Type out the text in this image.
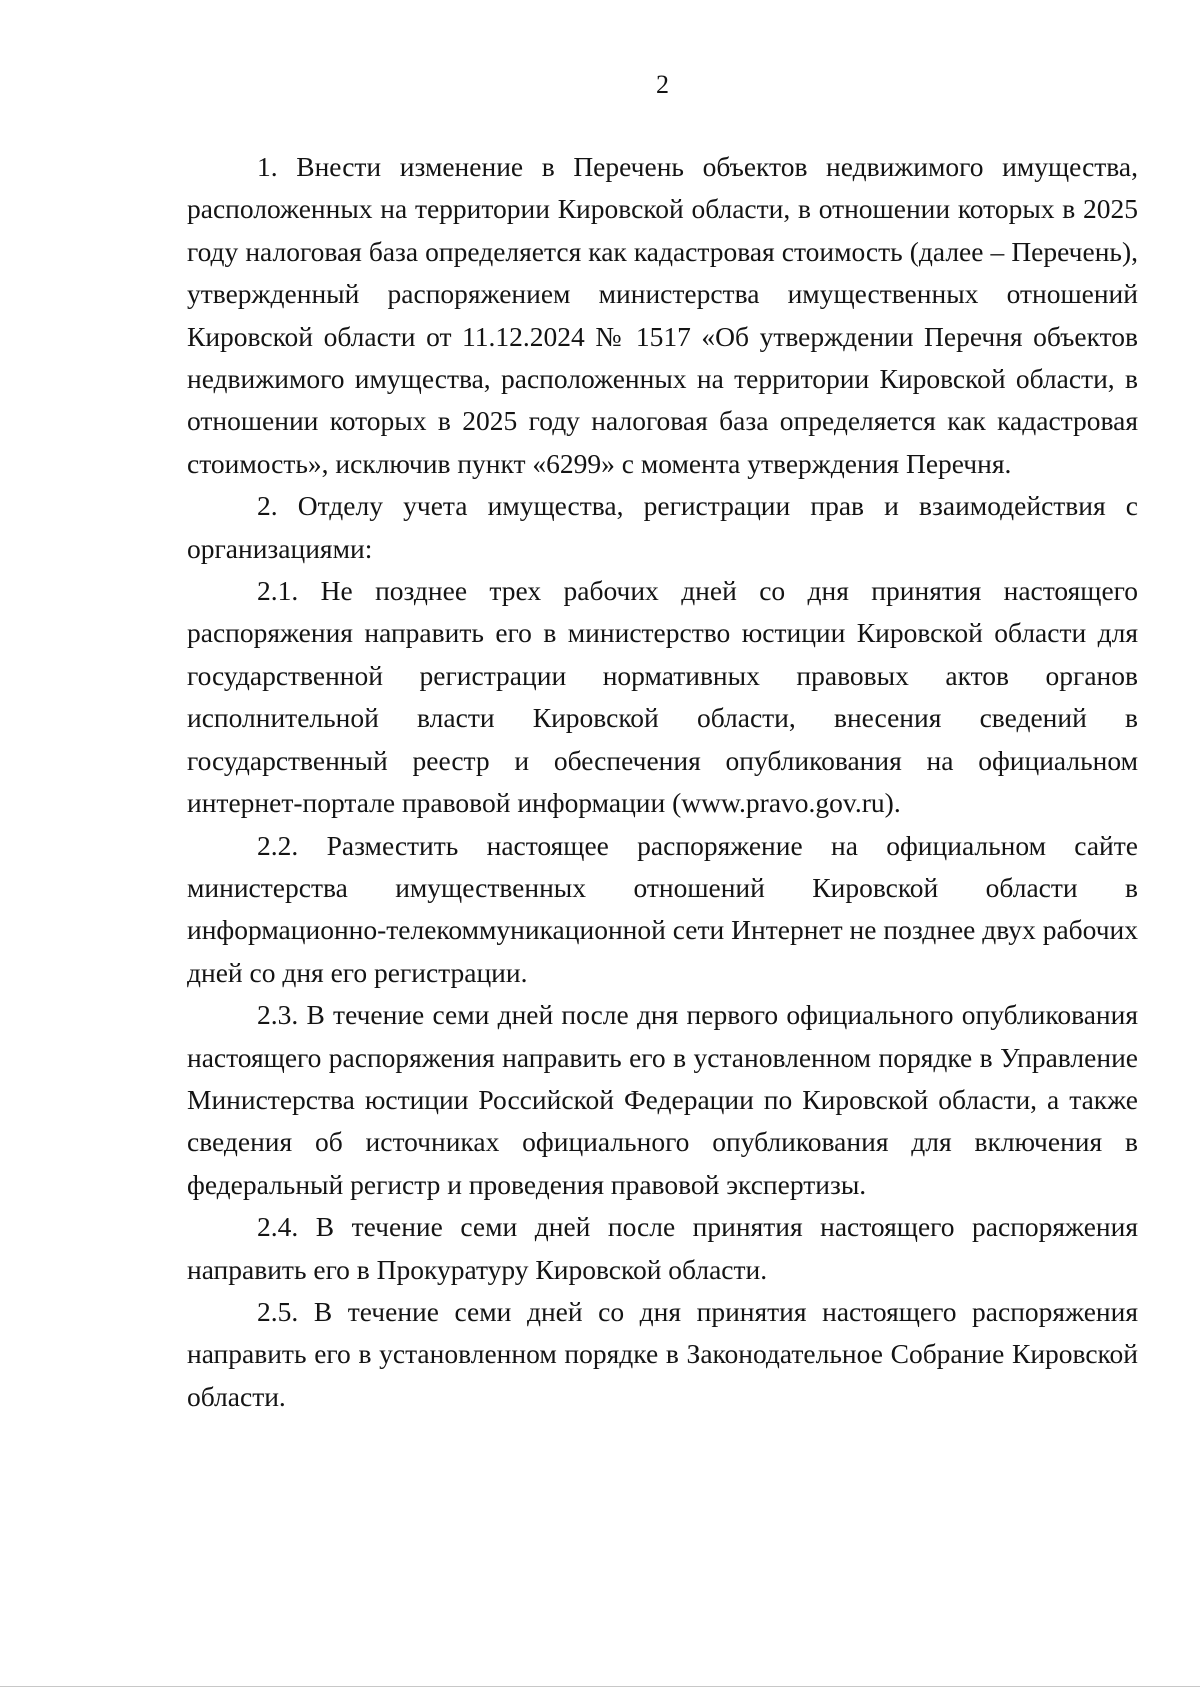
2

1. Внести изменение в Перечень объектов недвижимого имущества, расположенных на территории Кировской области, в отношении которых в 2025 году налоговая база определяется как кадастровая стоимость (далее – Перечень), утвержденный распоряжением министерства имущественных отношений Кировской области от 11.12.2024 № 1517 «Об утверждении Перечня объектов недвижимого имущества, расположенных на территории Кировской области, в отношении которых в 2025 году налоговая база определяется как кадастровая стоимость», исключив пункт «6299» с момента утверждения Перечня.

2. Отделу учета имущества, регистрации прав и взаимодействия с организациями:

2.1. Не позднее трех рабочих дней со дня принятия настоящего распоряжения направить его в министерство юстиции Кировской области для государственной регистрации нормативных правовых актов органов исполнительной власти Кировской области, внесения сведений в государственный реестр и обеспечения опубликования на официальном интернет-портале правовой информации (www.pravo.gov.ru).

2.2. Разместить настоящее распоряжение на официальном сайте министерства имущественных отношений Кировской области в информационно-телекоммуникационной сети Интернет не позднее двух рабочих дней со дня его регистрации.

2.3. В течение семи дней после дня первого официального опубликования настоящего распоряжения направить его в установленном порядке в Управление Министерства юстиции Российской Федерации по Кировской области, а также сведения об источниках официального опубликования для включения в федеральный регистр и проведения правовой экспертизы.

2.4. В течение семи дней после принятия настоящего распоряжения направить его в Прокуратуру Кировской области.

2.5. В течение семи дней со дня принятия настоящего распоряжения направить его в установленном порядке в Законодательное Собрание Кировской области.
